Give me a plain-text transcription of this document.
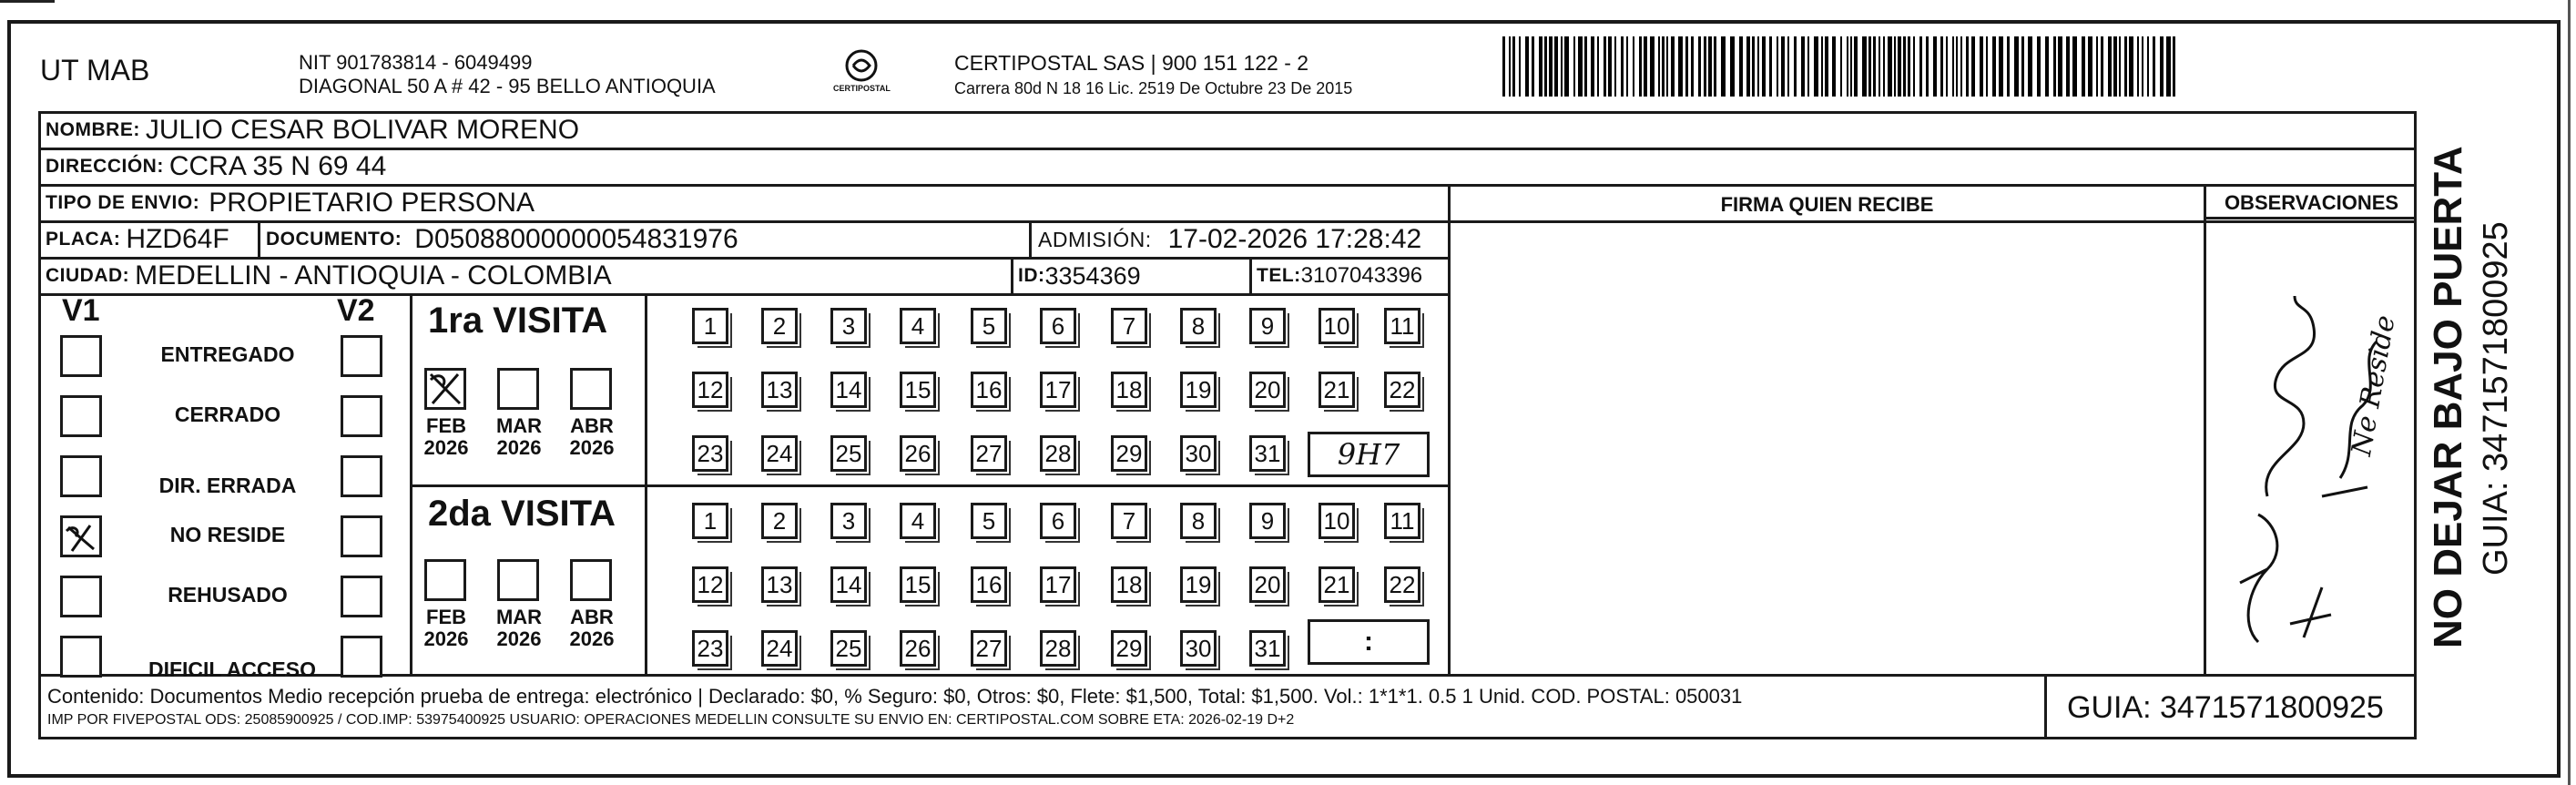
UT MAB	NIT 901783814 - 6049499
DIAGONAL 50 A # 42 - 95 BELLO ANTIOQUIA	CERTIPOSTAL
CERTIPOSTAL SAS | 900 151 122 - 2
Carrera 80d N 18 16 Lic. 2519 De Octubre 23 De 2015
NOMBRE: JULIO CESAR BOLIVAR MORENO
DIRECCIÓN: CCRA 35 N 69 44
TIPO DE ENVIO: PROPIETARIO PERSONA	FIRMA QUIEN RECIBE	OBSERVACIONES
PLACA: HZD64F DOCUMENTO: D05088000000054831976	ADMISIÓN: 17-02-2026 17:28:42
CIUDAD: MEDELLIN - ANTIOQUIA - COLOMBIA	ID: 3354369	TEL: 3107043396
V1	V2
ENTREGADO
CERRADO
DIR. ERRADA
NO RESIDE
REHUSADO
DIFICIL ACCESO
1ra VISITA
2da VISITA
FEB
2026
MAR
2026
ABR
2026
FEB
2026
MAR
2026
ABR
2026
1	2	3	4	5	6	7	8	9	10 11
12 13 14 15 16 17 18 19 20 21 22
23 24 25 26 27 28 29 30 31
1	2	3	4	5	6	7	8	9	10 11
12 13 14 15 16 17 18 19 20 21 22
23 24 25 26 27 28 29 30 31
9H7
:
Ne Reside
Contenido: Documentos Medio recepción prueba de entrega: electrónico | Declarado: $0, % Seguro: $0, Otros: $0, Flete: $1,500, Total: $1,500. Vol.: 1*1*1. 0.5 1 Unid. COD. POSTAL: 050031
IMP POR FIVEPOSTAL ODS: 25085900925 / COD.IMP: 53975400925 USUARIO: OPERACIONES MEDELLIN CONSULTE SU ENVIO EN: CERTIPOSTAL.COM SOBRE ETA: 2026-02-19 D+2	GUIA: 3471571800925
NO DEJAR BAJO PUERTA GUIA: 3471571800925
